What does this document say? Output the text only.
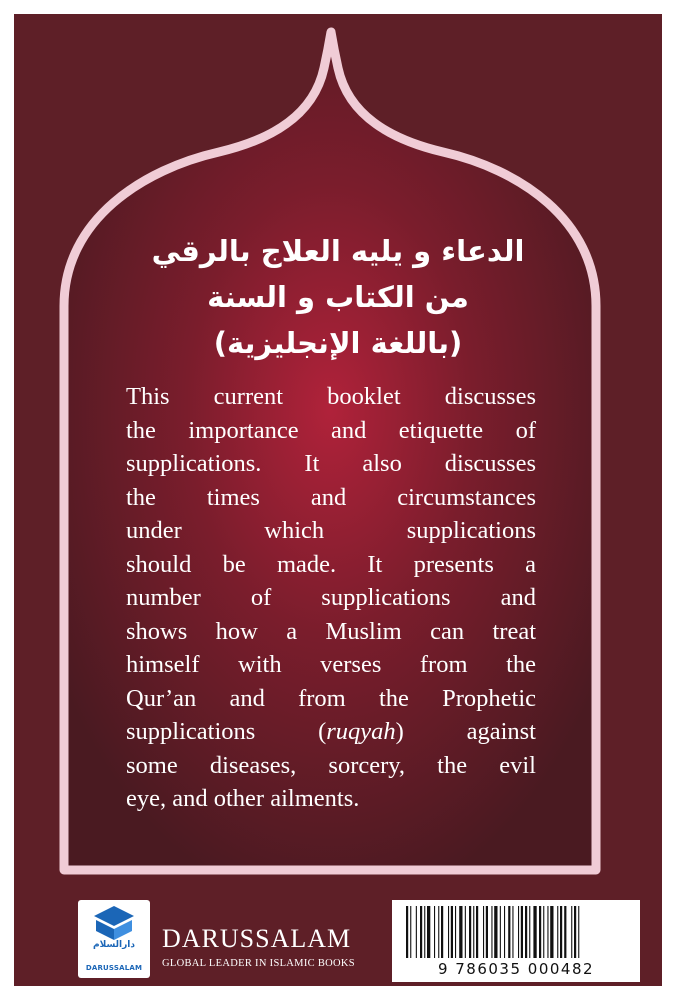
الدعاء و يليه العلاج بالرقي
من الكتاب و السنة
(باللغة الإنجليزية)
This current booklet discusses
the importance and etiquette of
supplications. It also discusses
the times and circumstances
under which supplications
should be made. It presents a
number of supplications and
shows how a Muslim can treat
himself with verses from the
Qur’an and from the Prophetic
supplications (ruqyah) against
some diseases, sorcery, the evil
eye, and other ailments.
دارالسلام
DARUSSALAM
DARUSSALAM
GLOBAL LEADER IN ISLAMIC BOOKS	9 786035 000482
